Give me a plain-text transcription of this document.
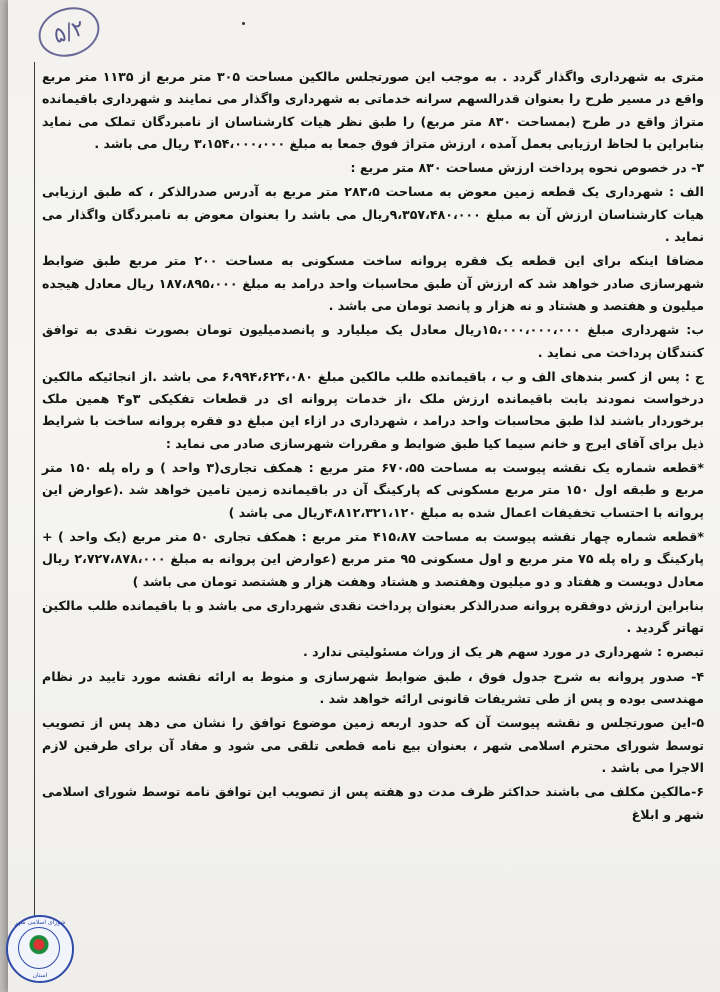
۵/۲

متری به شهرداری واگذار گردد . به موجب این صورتجلس مالکین مساحت ۳۰۵ متر مربع از ۱۱۳۵ متر مربع واقع در مسیر طرح را بعنوان قدرالسهم سرانه خدماتی به شهرداری واگذار می نمایند و شهرداری باقیمانده متراژ واقع در طرح (بمساحت ۸۳۰ متر مربع) را طبق نظر هیات کارشناسان از نامبردگان تملک می نماید بنابراین با لحاظ ارزیابی بعمل آمده ، ارزش متراژ فوق جمعا به مبلغ ۳،۱۵۴،۰۰۰،۰۰۰ ریال می باشد .

۳- در خصوص نحوه پرداخت ارزش مساحت ۸۳۰ متر مربع :

الف : شهرداری یک قطعه زمین معوض به مساحت ۲۸۳،۵ متر مربع به آدرس صدرالذکر ، که طبق ارزیابی هیات کارشناسان ارزش آن به مبلغ ۹،۳۵۷،۴۸۰،۰۰۰ریال می باشد را بعنوان معوض به نامبردگان واگذار می نماید .

مضافا اینکه برای این قطعه یک فقره پروانه ساخت مسکونی به مساحت ۲۰۰ متر مربع طبق ضوابط شهرسازی صادر خواهد شد که ارزش آن طبق محاسبات واحد درامد به مبلغ ۱۸۷،۸۹۵،۰۰۰ ریال معادل هیجده میلیون و هفتصد و هشتاد و نه هزار و پانصد تومان می باشد .

ب: شهرداری مبلغ ۱۵،۰۰۰،۰۰۰،۰۰۰ریال معادل یک میلیارد و پانصدمیلیون تومان بصورت نقدی به توافق کنندگان پرداخت می نماید .

ج : پس از کسر بندهای الف و ب ، باقیمانده طلب مالکین مبلغ ۶،۹۹۴،۶۲۴،۰۸۰ می باشد .از انجائیکه مالکین درخواست نمودند بابت باقیمانده ارزش ملک ،از خدمات پروانه ای در قطعات تفکیکی ۳و۴ همین ملک برخوردار باشند لذا طبق محاسبات واحد درامد ، شهرداری در ازاء این مبلغ دو فقره پروانه ساخت با شرایط ذیل برای آقای ایرج و خانم سیما کیا طبق ضوابط و مقررات شهرسازی صادر می نماید :

*قطعه شماره یک نقشه پیوست به مساحت ۶۷۰،۵۵ متر مربع : همکف تجاری(۳ واحد ) و راه پله ۱۵۰ متر مربع و طبقه اول ۱۵۰ متر مربع مسکونی که پارکینگ آن در باقیمانده زمین تامین خواهد شد .(عوارض این پروانه با احتساب تخفیفات اعمال شده به مبلغ ۴،۸۱۲،۳۲۱،۱۲۰ریال می باشد )

*قطعه شماره چهار نقشه پیوست به مساحت ۴۱۵،۸۷ متر مربع : همکف تجاری ۵۰ متر مربع (یک واحد ) + پارکینگ و راه پله ۷۵ متر مربع و اول مسکونی ۹۵ متر مربع (عوارض این پروانه به مبلغ ۲،۷۲۷،۸۷۸،۰۰۰ ریال معادل دویست و هفتاد و دو میلیون وهفتصد و هشتاد وهفت هزار و هشتصد تومان می باشد )

بنابراین ارزش دوفقره پروانه صدرالذکر بعنوان پرداخت نقدی شهرداری می باشد و با باقیمانده طلب مالکین تهاتر گردید .

تبصره : شهرداری در مورد سهم هر یک از وراث مسئولیتی ندارد .

۴- صدور پروانه به شرح جدول فوق ، طبق ضوابط شهرسازی و منوط به ارائه نقشه مورد تایید در نظام مهندسی بوده و پس از طی تشریفات قانونی ارائه خواهد شد .

۵-این صورتجلس و نقشه پیوست آن که حدود اربعه زمین موضوع توافق را نشان می دهد پس از تصویب توسط شورای محترم اسلامی شهر ، بعنوان بیع نامه قطعی تلقی می شود و مفاد آن برای طرفین لازم الاجرا می باشد .

۶-مالکین مکلف می باشند حداکثر ظرف مدت دو هفته پس از تصویب این توافق نامه توسط شورای اسلامی شهر و ابلاغ

شورای اسلامی شهر
استان
